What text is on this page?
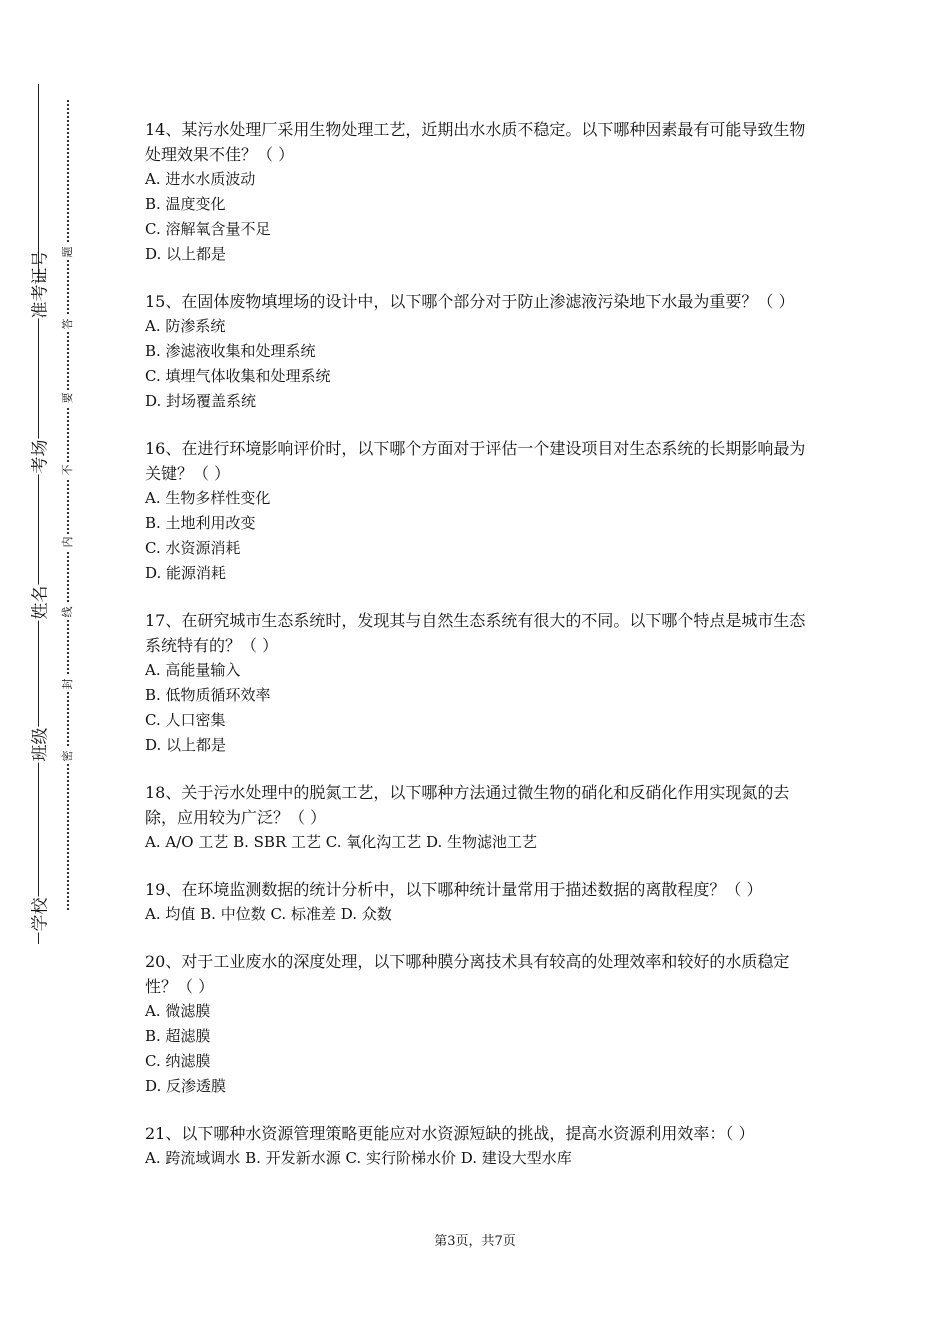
准考证号
考场
姓名
班级
学校
题
答
要
不
内
线
封
密

14、某污水处理厂采用生物处理工艺，近期出水水质不稳定。以下哪种因素最有可能导致生物处理效果不佳？（ ）

A. 进水水质波动

B. 温度变化

C. 溶解氧含量不足

D. 以上都是

15、在固体废物填埋场的设计中，以下哪个部分对于防止渗滤液污染地下水最为重要？（ ）

A. 防渗系统

B. 渗滤液收集和处理系统

C. 填埋气体收集和处理系统

D. 封场覆盖系统

16、在进行环境影响评价时，以下哪个方面对于评估一个建设项目对生态系统的长期影响最为关键？（ ）

A. 生物多样性变化

B. 土地利用改变

C. 水资源消耗

D. 能源消耗

17、在研究城市生态系统时，发现其与自然生态系统有很大的不同。以下哪个特点是城市生态系统特有的？（ ）

A. 高能量输入

B. 低物质循环效率

C. 人口密集

D. 以上都是

18、关于污水处理中的脱氮工艺，以下哪种方法通过微生物的硝化和反硝化作用实现氮的去除，应用较为广泛？（ ）

A. A/O 工艺 B. SBR 工艺 C. 氧化沟工艺 D. 生物滤池工艺

19、在环境监测数据的统计分析中，以下哪种统计量常用于描述数据的离散程度？（ ）

A. 均值 B. 中位数 C. 标准差 D. 众数

20、对于工业废水的深度处理，以下哪种膜分离技术具有较高的处理效率和较好的水质稳定性？（ ）

A. 微滤膜

B. 超滤膜

C. 纳滤膜

D. 反渗透膜

21、以下哪种水资源管理策略更能应对水资源短缺的挑战，提高水资源利用效率：（ ）

A. 跨流域调水 B. 开发新水源 C. 实行阶梯水价 D. 建设大型水库

第3页，共7页
